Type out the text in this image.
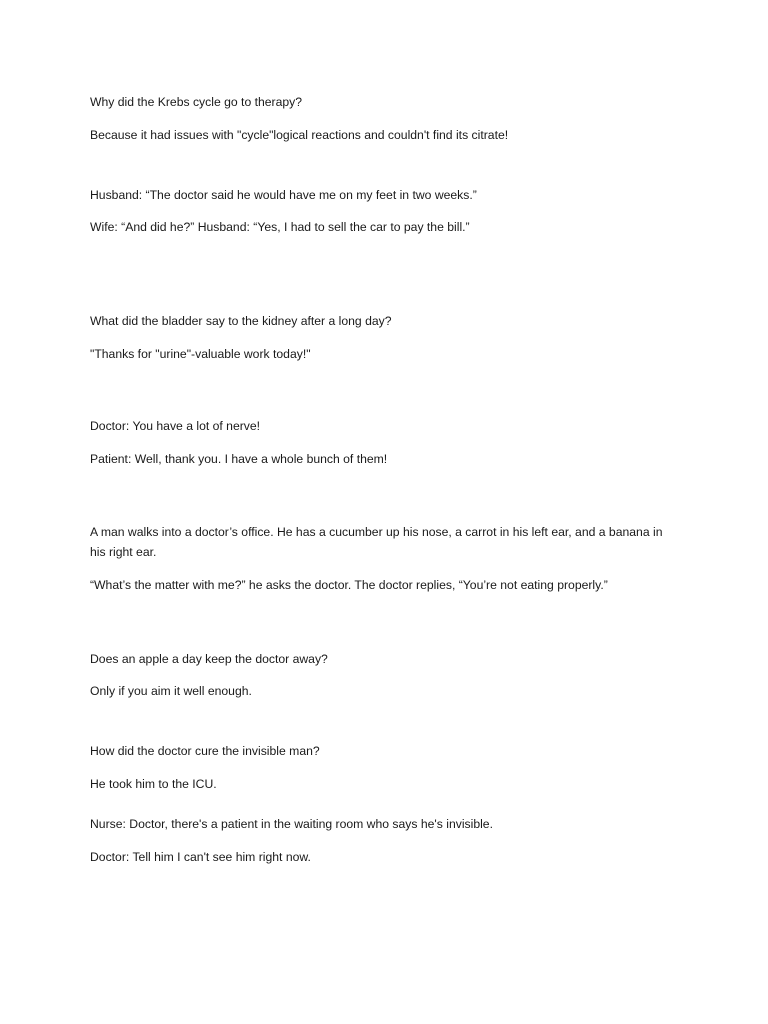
Why did the Krebs cycle go to therapy?

Because it had issues with "cycle"logical reactions and couldn't find its citrate!

Husband: “The doctor said he would have me on my feet in two weeks.”

Wife: “And did he?” Husband: “Yes, I had to sell the car to pay the bill.”

What did the bladder say to the kidney after a long day?

"Thanks for "urine"-valuable work today!"

Doctor: You have a lot of nerve!

Patient: Well, thank you. I have a whole bunch of them!

A man walks into a doctor’s office. He has a cucumber up his nose, a carrot in his left ear, and a banana in his right ear.

“What’s the matter with me?” he asks the doctor. The doctor replies, “You’re not eating properly.”

Does an apple a day keep the doctor away?

Only if you aim it well enough.

How did the doctor cure the invisible man?

He took him to the ICU.

Nurse: Doctor, there's a patient in the waiting room who says he's invisible.

Doctor: Tell him I can't see him right now.
